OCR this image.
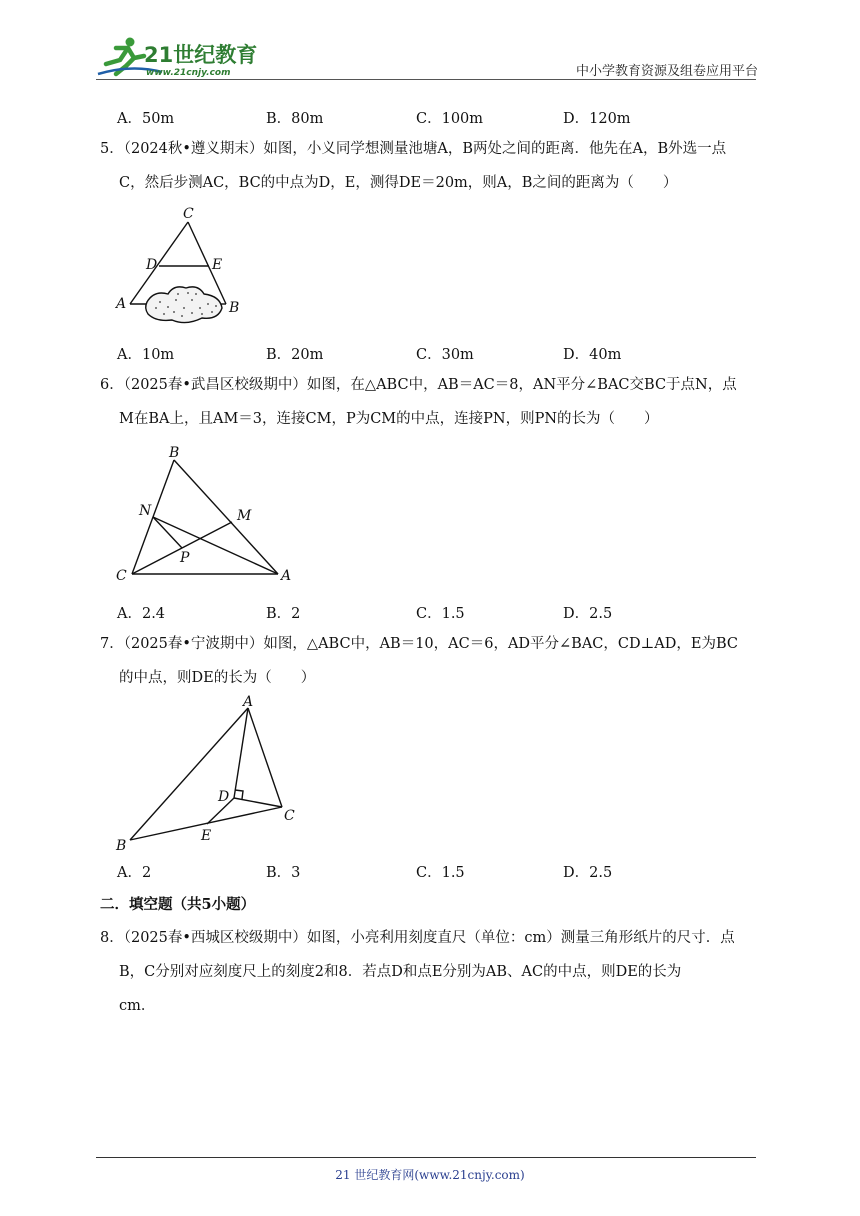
21世纪教育
www.21cnjy.com	中小学教育资源及组卷应用平台
A．50m	B．80m	C．100m	D．120m
5．（2024秋•遵义期末）如图，小义同学想测量池塘A，B两处之间的距离．他先在A，B外选一点
C，然后步测AC，BC的中点为D，E，测得DE＝20m，则A，B之间的距离为（　　）
C
D	E
A	B
A．10m	B．20m	C．30m	D．40m
6．（2025春•武昌区校级期中）如图，在△ABC中，AB＝AC＝8，AN平分∠BAC交BC于点N，点
M在BA上，且AM＝3，连接CM，P为CM的中点，连接PN，则PN的长为（　　）
B
N	M
P
C	A
A．2.4	B．2	C．1.5	D．2.5
7．（2025春•宁波期中）如图，△ABC中，AB＝10，AC＝6，AD平分∠BAC，CD⊥AD，E为BC
的中点，则DE的长为（　　）
A
D
C
E
B
A．2	B．3	C．1.5	D．2.5
二．填空题（共5小题）
8．（2025春•西城区校级期中）如图，小亮利用刻度直尺（单位：cm）测量三角形纸片的尺寸．点
B，C分别对应刻度尺上的刻度2和8．若点D和点E分别为AB、AC的中点，则DE的长为
cm．
21 世纪教育网(www.21cnjy.com)
